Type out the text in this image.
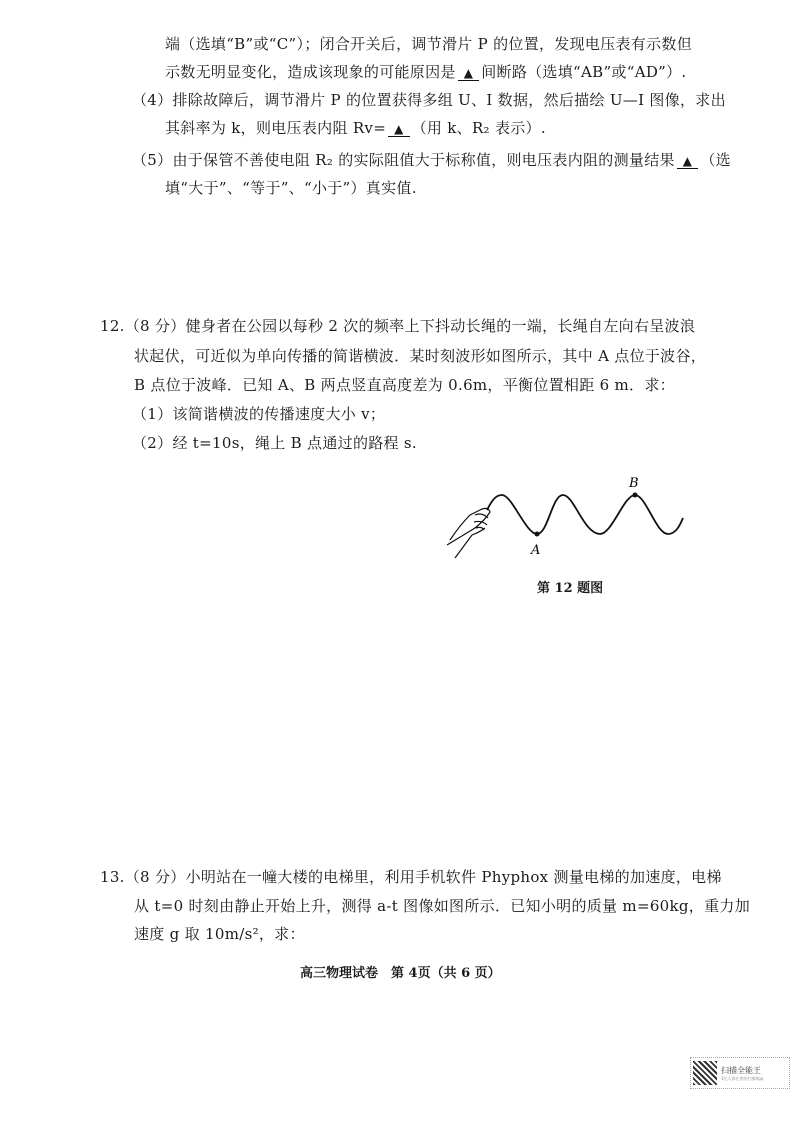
端（选填“B”或“C”）；闭合开关后，调节滑片 P 的位置，发现电压表有示数但
示数无明显变化，造成该现象的可能原因是 ▲ 间断路（选填“AB”或“AD”）.
（4）排除故障后，调节滑片 P 的位置获得多组 U、I 数据，然后描绘 U—I 图像，求出
其斜率为 k，则电压表内阻 Rv= ▲ （用 k、R₂ 表示）.
（5）由于保管不善使电阻 R₂ 的实际阻值大于标称值，则电压表内阻的测量结果 ▲ （选
填“大于”、“等于”、“小于”）真实值.
12.（8 分）健身者在公园以每秒 2 次的频率上下抖动长绳的一端，长绳自左向右呈波浪
状起伏，可近似为单向传播的简谐横波．某时刻波形如图所示，其中 A 点位于波谷，
B 点位于波峰．已知 A、B 两点竖直高度差为 0.6m，平衡位置相距 6 m．求：
（1）该简谐横波的传播速度大小 v；
（2）经 t=10s，绳上 B 点通过的路程 s.
A
B
第 12 题图
13.（8 分）小明站在一幢大楼的电梯里，利用手机软件 Phyphox 测量电梯的加速度，电梯
从 t=0 时刻由静止开始上升，测得 a-t 图像如图所示．已知小明的质量 m=60kg，重力加
速度 g 取 10m/s²，求：
高三物理试卷　第 4页（共 6 页）
扫描全能王
3亿人都在用的扫描App
